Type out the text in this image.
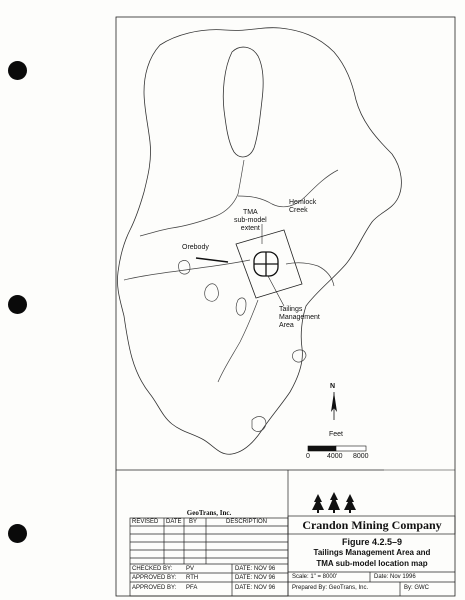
Hemlock
Creek
TMA
sub-model
extent
Orebody
Tailings
Management
Area
N
Feet
0 4000 8000
Crandon Mining Company
Figure 4.2.5–9
Tailings Management Area and
TMA sub-model location map
Scale: 1" = 8000'	Date: Nov 1996
Prepared By: GeoTrans, Inc.	By: GWC
GeoTrans, Inc.
REVISED DATE BY	DESCRIPTION
CHECKED BY: PV	DATE: NOV 96
APPROVED BY: RTH	DATE: NOV 96
APPROVED BY: PFA	DATE: NOV 96
